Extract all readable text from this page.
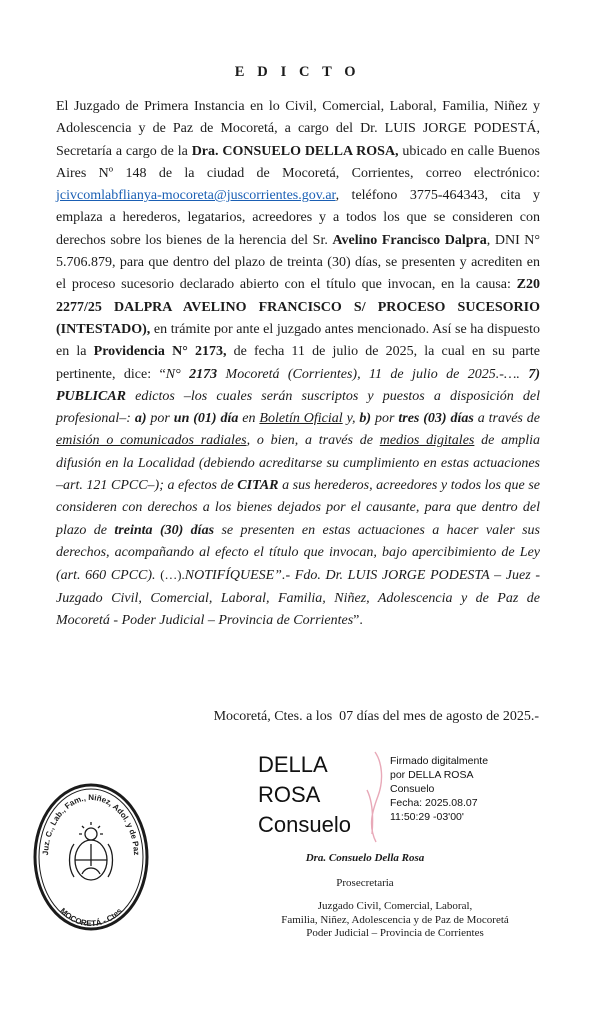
E D I C T O
El Juzgado de Primera Instancia en lo Civil, Comercial, Laboral, Familia, Niñez y Adolescencia y de Paz de Mocoretá, a cargo del Dr. LUIS JORGE PODESTÁ, Secretaría a cargo de la Dra. CONSUELO DELLA ROSA, ubicado en calle Buenos Aires Nº 148 de la ciudad de Mocoretá, Corrientes, correo electrónico: jcivcomlabflianya-mocoreta@juscorrientes.gov.ar, teléfono 3775-464343, cita y emplaza a herederos, legatarios, acreedores y a todos los que se consideren con derechos sobre los bienes de la herencia del Sr. Avelino Francisco Dalpra, DNI N° 5.706.879, para que dentro del plazo de treinta (30) días, se presenten y acrediten en el proceso sucesorio declarado abierto con el título que invocan, en la causa: Z20 2277/25 DALPRA AVELINO FRANCISCO S/ PROCESO SUCESORIO (INTESTADO), en trámite por ante el juzgado antes mencionado. Así se ha dispuesto en la Providencia N° 2173, de fecha 11 de julio de 2025, la cual en su parte pertinente, dice: “N° 2173 Mocoretá (Corrientes), 11 de julio de 2025.-…. 7) PUBLICAR edictos –los cuales serán suscriptos y puestos a disposición del profesional–: a) por un (01) día en Boletín Oficial y, b) por tres (03) días a través de emisión o comunicados radiales, o bien, a través de medios digitales de amplia difusión en la Localidad (debiendo acreditarse su cumplimiento en estas actuaciones –art. 121 CPCC–); a efectos de CITAR a sus herederos, acreedores y todos los que se consideren con derechos a los bienes dejados por el causante, para que dentro del plazo de treinta (30) días se presenten en estas actuaciones a hacer valer sus derechos, acompañando al efecto el título que invocan, bajo apercibimiento de Ley (art. 660 CPCC). (…).NOTIFÍQUESE”.- Fdo. Dr. LUIS JORGE PODESTA – Juez - Juzgado Civil, Comercial, Laboral, Familia, Niñez, Adolescencia y de Paz de Mocoretá - Poder Judicial – Provincia de Corrientes”.
Mocoretá, Ctes. a los  07 días del mes de agosto de 2025.-
DELLA
ROSA
Consuelo
Firmado digitalmente
por DELLA ROSA
Consuelo
Fecha: 2025.08.07
11:50:29 -03'00'
Dra. Consuelo Della Rosa
Prosecretaria
Juzgado Civil, Comercial, Laboral,
Familia, Niñez, Adolescencia y de Paz de Mocoretá
Poder Judicial – Provincia de Corrientes
Juz. C., Lab., Fam., Niñez, Adol. y de Paz
MOCORETÁ - Ctes
